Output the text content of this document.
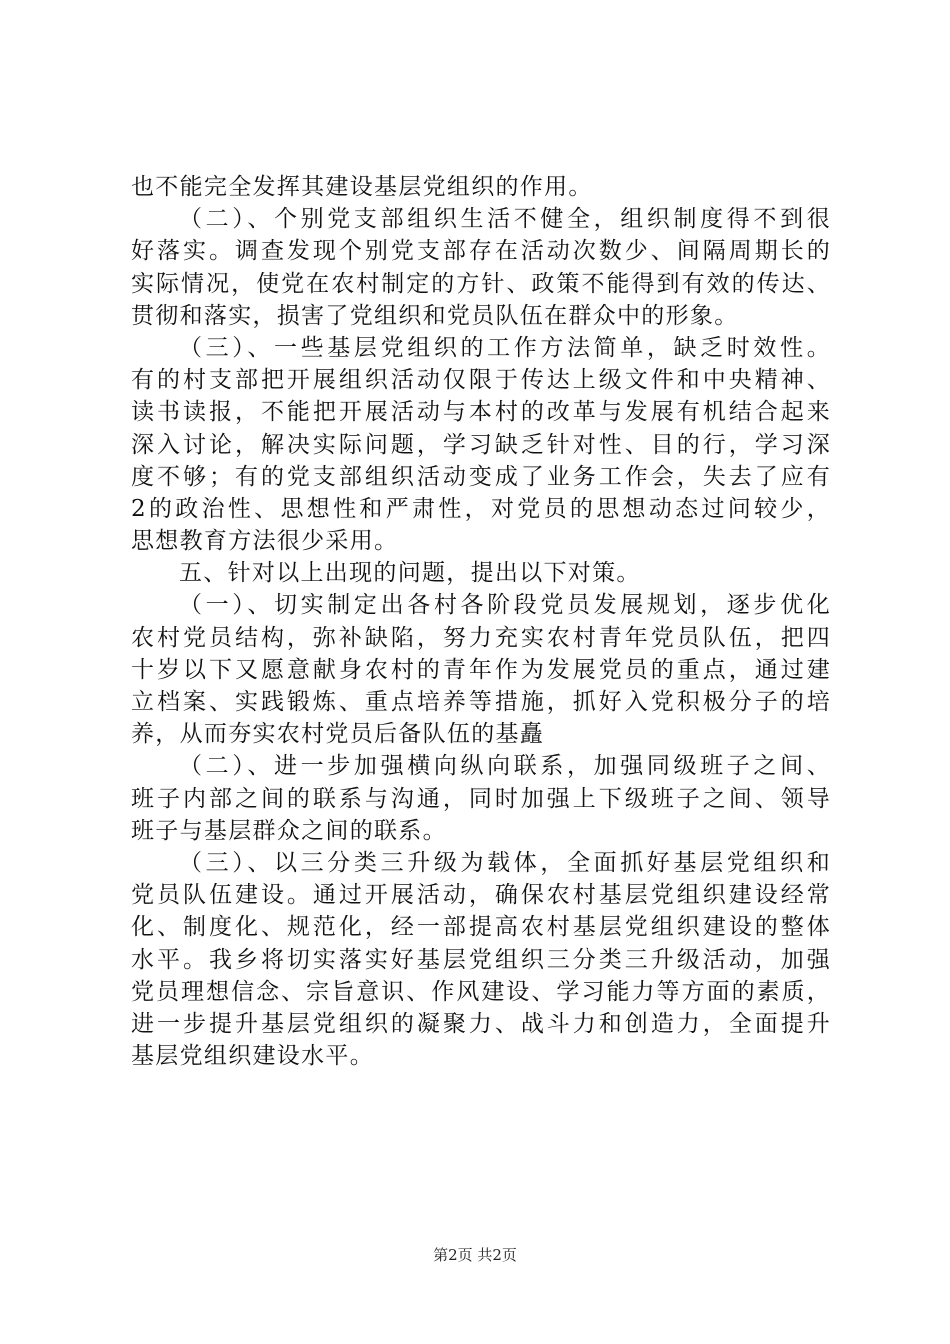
也不能完全发挥其建设基层党组织的作用。
（二）、个别党支部组织生活不健全，组织制度得不到很
好落实。调查发现个别党支部存在活动次数少、间隔周期长的
实际情况，使党在农村制定的方针、政策不能得到有效的传达、
贯彻和落实，损害了党组织和党员队伍在群众中的形象。
（三）、一些基层党组织的工作方法简单，缺乏时效性。
有的村支部把开展组织活动仅限于传达上级文件和中央精神、
读书读报，不能把开展活动与本村的改革与发展有机结合起来
深入讨论，解决实际问题，学习缺乏针对性、目的行，学习深
度不够；有的党支部组织活动变成了业务工作会，失去了应有
2的政治性、思想性和严肃性，对党员的思想动态过问较少，
思想教育方法很少采用。
五、针对以上出现的问题，提出以下对策。
（一）、切实制定出各村各阶段党员发展规划，逐步优化
农村党员结构，弥补缺陷，努力充实农村青年党员队伍，把四
十岁以下又愿意献身农村的青年作为发展党员的重点，通过建
立档案、实践锻炼、重点培养等措施，抓好入党积极分子的培
养，从而夯实农村党员后备队伍的基矗
（二）、进一步加强横向纵向联系，加强同级班子之间、
班子内部之间的联系与沟通，同时加强上下级班子之间、领导
班子与基层群众之间的联系。
（三）、以三分类三升级为载体，全面抓好基层党组织和
党员队伍建设。通过开展活动，确保农村基层党组织建设经常
化、制度化、规范化，经一部提高农村基层党组织建设的整体
水平。我乡将切实落实好基层党组织三分类三升级活动，加强
党员理想信念、宗旨意识、作风建设、学习能力等方面的素质，
进一步提升基层党组织的凝聚力、战斗力和创造力，全面提升
基层党组织建设水平。
第2页 共2页
